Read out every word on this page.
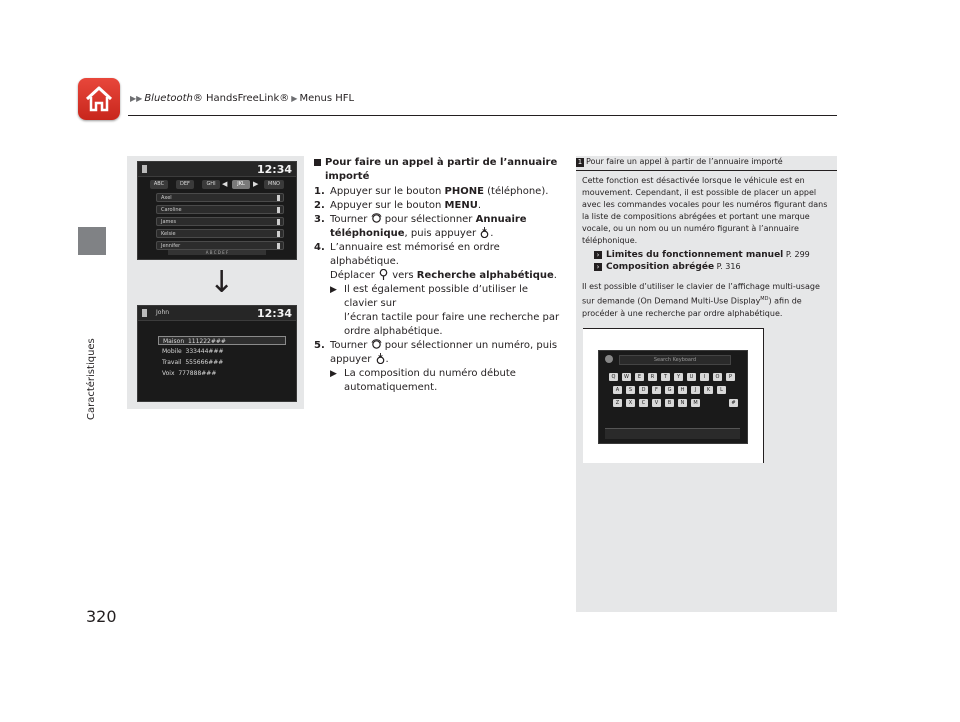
▶▶ Bluetooth® HandsFreeLink® ▶ Menus HFL
Caractéristiques
320
12:34
ABC	DEF	GHI ◀	JKL	▶	MNO
Axel
Caroline
James
Kelsie
Jennifer
A B C D E F
↓
John	12:34
Maison 111222###
Mobile 333444###
Travail 555666###
Voix 777888###
Pour faire un appel à partir de l’annuaire
importé
1. Appuyer sur le bouton PHONE (téléphone).
2. Appuyer sur le bouton MENU.
3. Tourner  pour sélectionner Annuaire
téléphonique, puis appuyer .
4. L’annuaire est mémorisé en ordre alphabétique.
Déplacer  vers Recherche alphabétique.
▶ Il est également possible d’utiliser le clavier sur
l’écran tactile pour faire une recherche par
ordre alphabétique.
5. Tourner  pour sélectionner un numéro, puis
appuyer .
▶ La composition du numéro débute
automatiquement.
1 Pour faire un appel à partir de l’annuaire importé

Cette fonction est désactivée lorsque le véhicule est en mouvement. Cependant, il est possible de placer un appel avec les commandes vocales pour les numéros figurant dans la liste de compositions abrégées et portant une marque vocale, ou un nom ou un numéro figurant à l’annuaire téléphonique.

› Limites du fonctionnement manuel P. 299
› Composition abrégée P. 316

Il est possible d’utiliser le clavier de l’affichage multi-usage sur demande (On Demand Multi-Use Display$^{MD}$) afin de procéder à une recherche par ordre alphabétique.

Search Keyboard
Q	W	E	R	T	Y	U	I	O	P
A	S	D	F	G	H	J	K	L
Z	X	C	V	B	N	M	#
